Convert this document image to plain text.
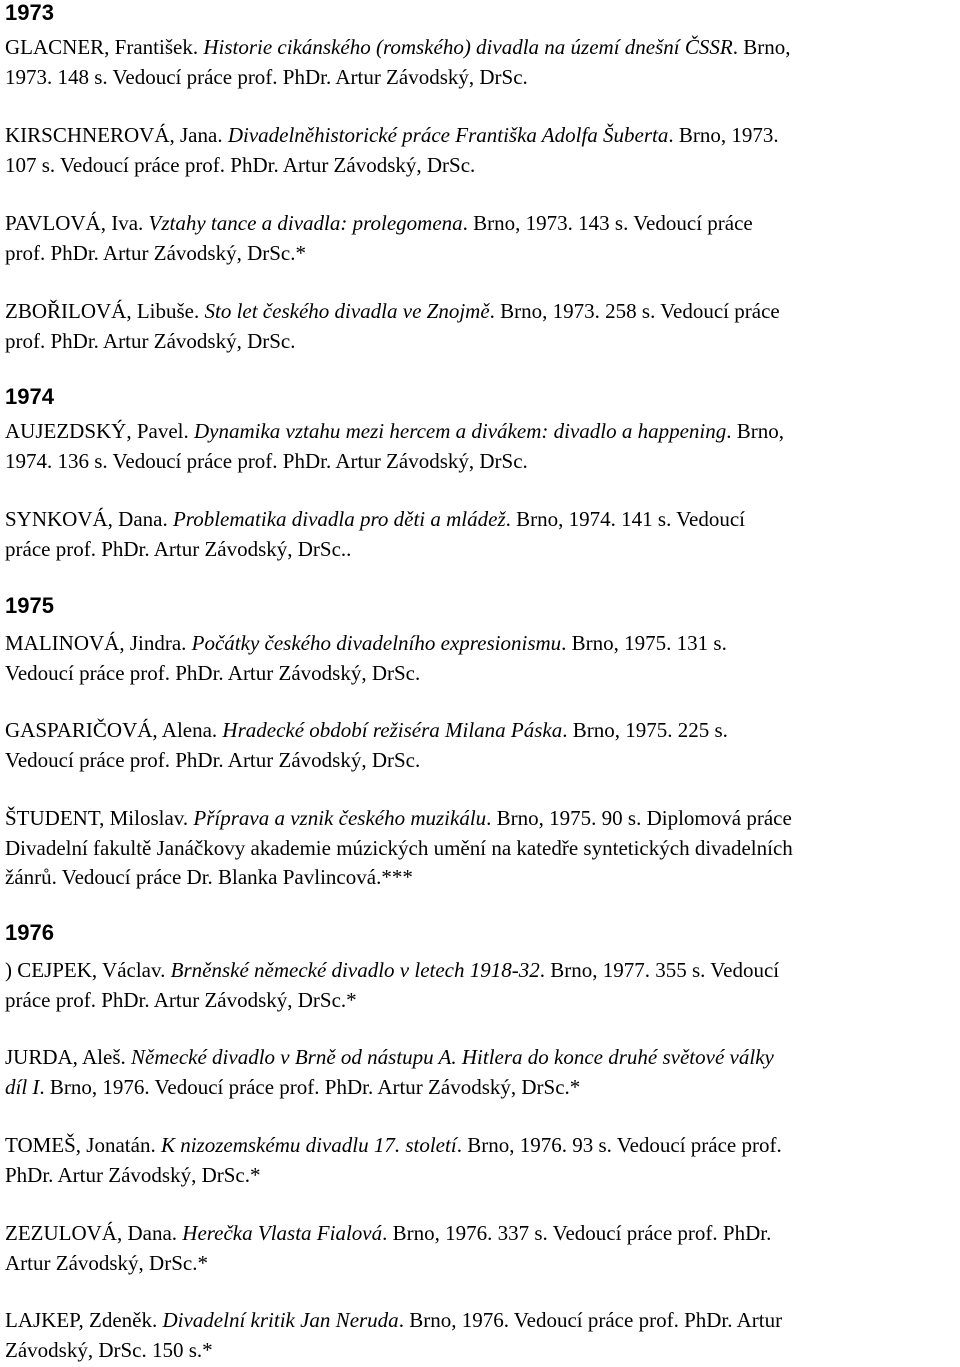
1973

GLACNER, František. Historie cikánského (romského) divadla na území dnešní ČSSR. Brno,
1973. 148 s. Vedoucí práce prof. PhDr. Artur Závodský, DrSc.

KIRSCHNEROVÁ, Jana. Divadelněhistorické práce Františka Adolfa Šuberta. Brno, 1973.
107 s. Vedoucí práce prof. PhDr. Artur Závodský, DrSc.

PAVLOVÁ, Iva. Vztahy tance a divadla: prolegomena. Brno, 1973. 143 s. Vedoucí práce
prof. PhDr. Artur Závodský, DrSc.*

ZBOŘILOVÁ, Libuše. Sto let českého divadla ve Znojmě. Brno, 1973. 258 s. Vedoucí práce
prof. PhDr. Artur Závodský, DrSc.

1974

AUJEZDSKÝ, Pavel. Dynamika vztahu mezi hercem a divákem: divadlo a happening. Brno,
1974. 136 s. Vedoucí práce prof. PhDr. Artur Závodský, DrSc.

SYNKOVÁ, Dana. Problematika divadla pro děti a mládež. Brno, 1974. 141 s. Vedoucí
práce prof. PhDr. Artur Závodský, DrSc..

1975

MALINOVÁ, Jindra. Počátky českého divadelního expresionismu. Brno, 1975. 131 s.
Vedoucí práce prof. PhDr. Artur Závodský, DrSc.

GASPARIČOVÁ, Alena. Hradecké období režiséra Milana Páska. Brno, 1975. 225 s.
Vedoucí práce prof. PhDr. Artur Závodský, DrSc.

ŠTUDENT, Miloslav. Příprava a vznik českého muzikálu. Brno, 1975. 90 s. Diplomová práce
Divadelní fakultě Janáčkovy akademie múzických umění na katedře syntetických divadelních
žánrů. Vedoucí práce Dr. Blanka Pavlincová.***

1976

) CEJPEK, Václav. Brněnské německé divadlo v letech 1918-32. Brno, 1977. 355 s. Vedoucí
práce prof. PhDr. Artur Závodský, DrSc.*

JURDA, Aleš. Německé divadlo v Brně od nástupu A. Hitlera do konce druhé světové války
díl I. Brno, 1976. Vedoucí práce prof. PhDr. Artur Závodský, DrSc.*

TOMEŠ, Jonatán. K nizozemskému divadlu 17. století. Brno, 1976. 93 s. Vedoucí práce prof.
PhDr. Artur Závodský, DrSc.*

ZEZULOVÁ, Dana. Herečka Vlasta Fialová. Brno, 1976. 337 s. Vedoucí práce prof. PhDr.
Artur Závodský, DrSc.*

LAJKEP, Zdeněk. Divadelní kritik Jan Neruda. Brno, 1976. Vedoucí práce prof. PhDr. Artur
Závodský, DrSc. 150 s.*
